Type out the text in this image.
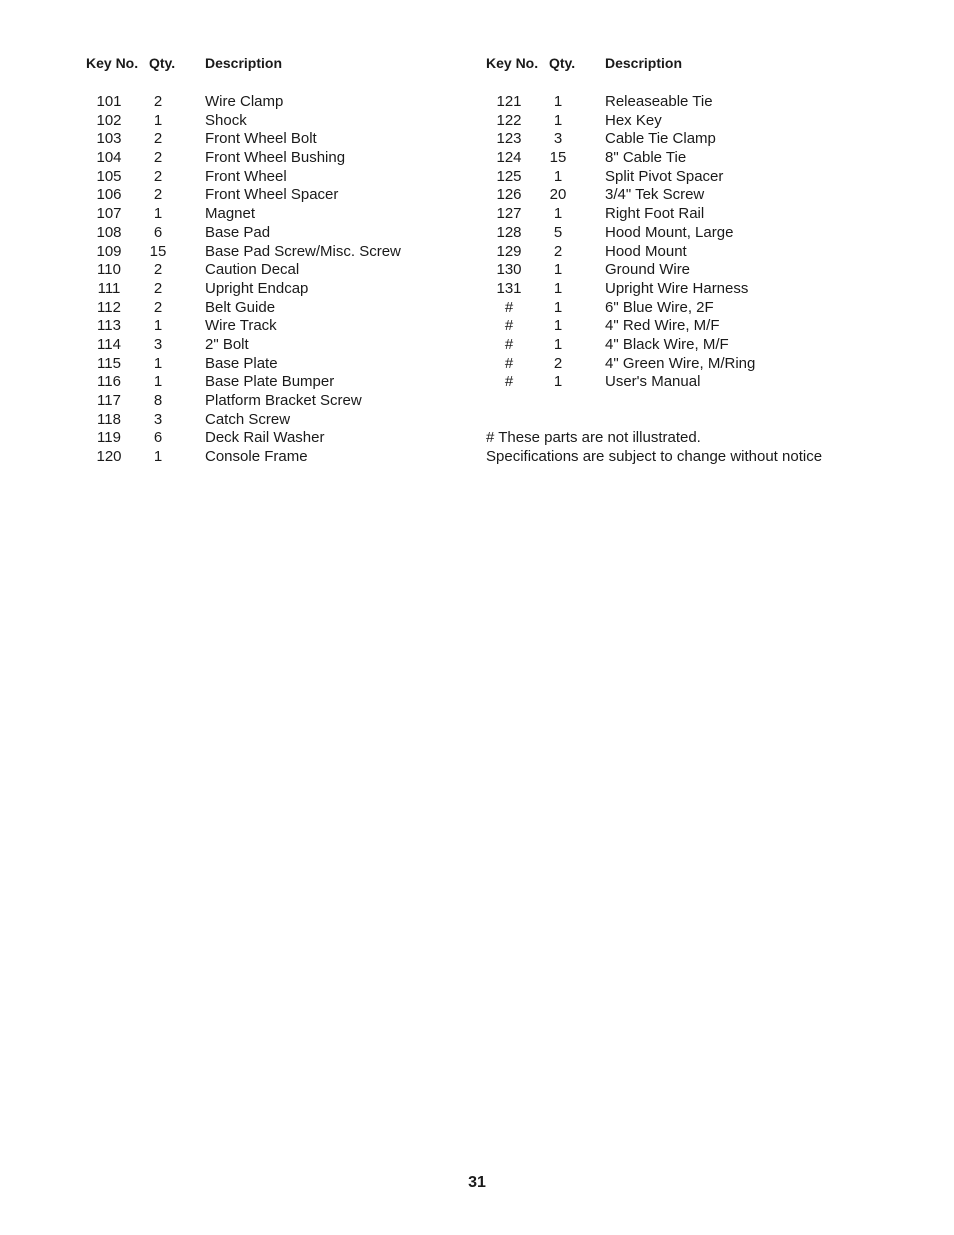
Key No. Qty. Description
101	2	Wire Clamp
102	1	Shock
103	2	Front Wheel Bolt
104	2	Front Wheel Bushing
105	2	Front Wheel
106	2	Front Wheel Spacer
107	1	Magnet
108	6	Base Pad
109	15	Base Pad Screw/Misc. Screw
110	2	Caution Decal
111	2	Upright Endcap
112	2	Belt Guide
113	1	Wire Track
114	3	2" Bolt
115	1	Base Plate
116	1	Base Plate Bumper
117	8	Platform Bracket Screw
118	3	Catch Screw
119	6	Deck Rail Washer
120	1	Console Frame
Key No. Qty. Description
121	1	Releaseable Tie
122	1	Hex Key
123	3	Cable Tie Clamp
124	15	8" Cable Tie
125	1	Split Pivot Spacer
126	20	3/4" Tek Screw
127	1	Right Foot Rail
128	5	Hood Mount, Large
129	2	Hood Mount
130	1	Ground Wire
131	1	Upright Wire Harness
#	1	6" Blue Wire, 2F
#	1	4" Red Wire, M/F
#	1	4" Black Wire, M/F
#	2	4" Green Wire, M/Ring
#	1	User's Manual
# These parts are not illustrated.
Specifications are subject to change without notice
31
